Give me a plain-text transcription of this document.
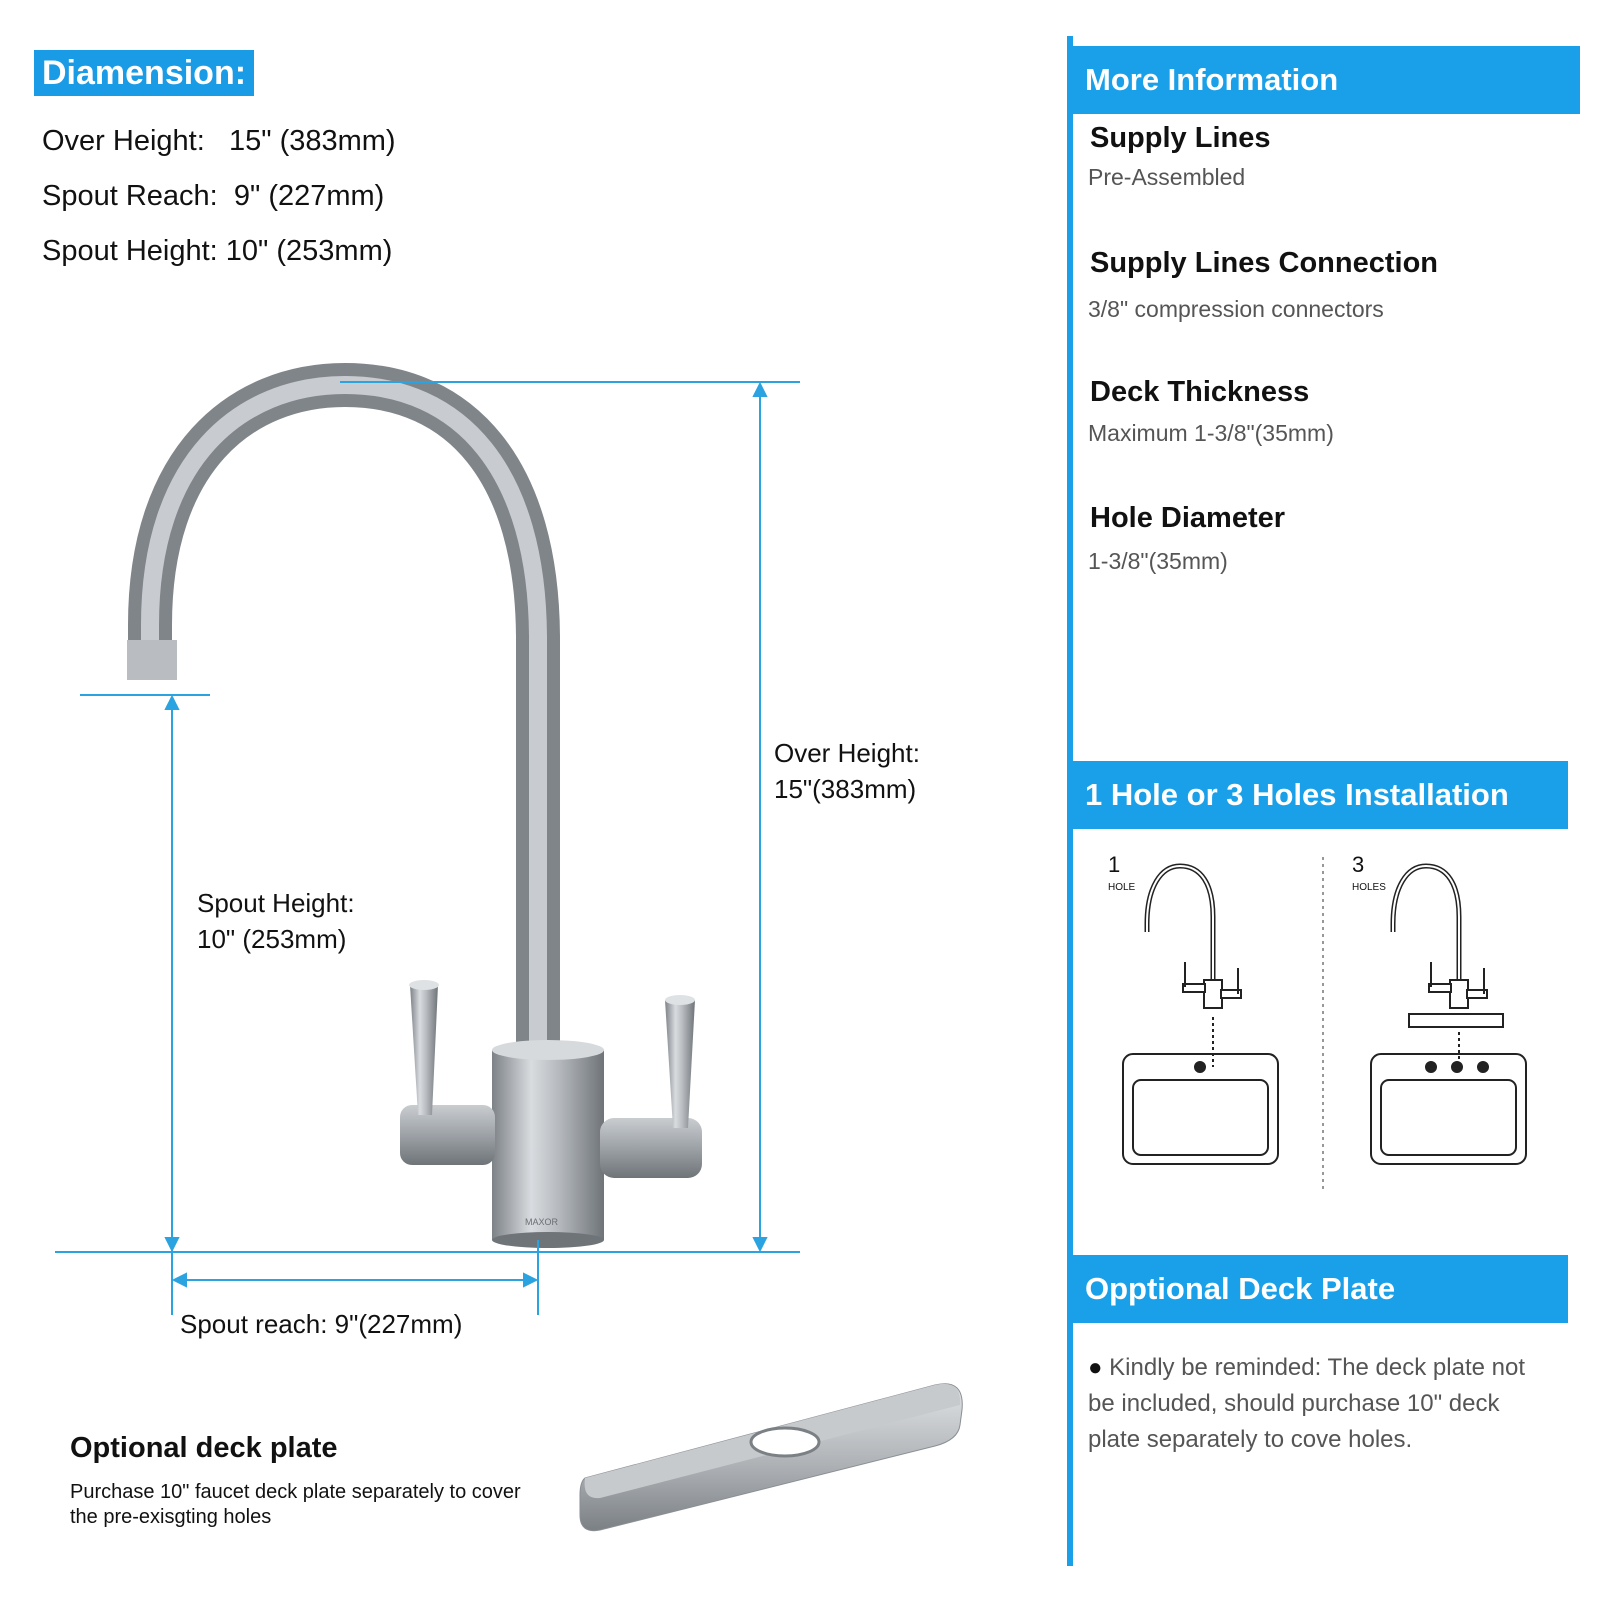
Diamension:
Over Height:   15" (383mm)
Spout Reach:  9" (227mm)
Spout Height: 10" (253mm)
MAXOR
Over Height:
15"(383mm)
Spout Height:
10" (253mm)
Spout reach: 9"(227mm)
Optional deck plate
Purchase 10" faucet deck plate separately to cover the pre-exisgting holes
More Information
Supply Lines
Pre-Assembled
Supply Lines Connection
3/8" compression connectors
Deck Thickness
Maximum 1-3/8"(35mm)
Hole Diameter
1-3/8"(35mm)
1 Hole or 3 Holes Installation
1
HOLE
3
HOLES
Opptional Deck Plate
● Kindly be reminded: The deck plate not be included, should purchase 10" deck plate separately to cove holes.
